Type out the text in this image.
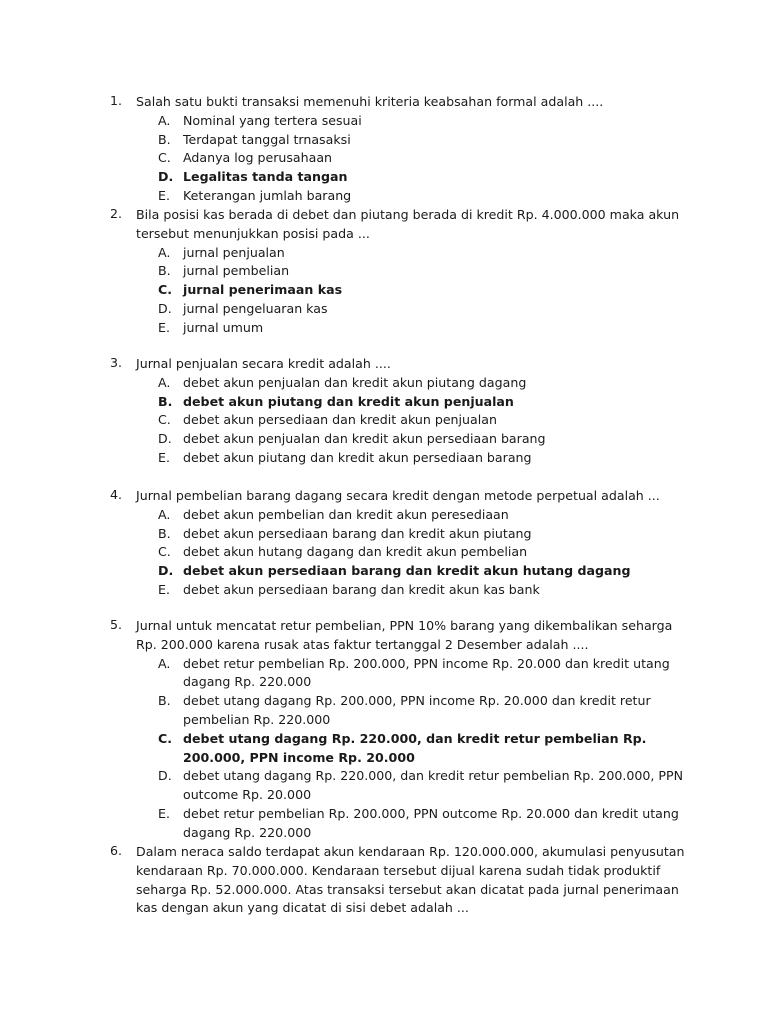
1.	Salah satu bukti transaksi memenuhi kriteria keabsahan formal adalah ....
A. Nominal yang tertera sesuai
B. Terdapat tanggal trnasaksi
C. Adanya log perusahaan
D. Legalitas tanda tangan
E. Keterangan jumlah barang
2.	Bila posisi kas berada di debet dan piutang berada di kredit Rp. 4.000.000 maka akun tersebut menunjukkan posisi pada ...
A. jurnal penjualan
B. jurnal pembelian
C. jurnal penerimaan kas
D. jurnal pengeluaran kas
E. jurnal umum
3.	Jurnal penjualan secara kredit adalah ....
A. debet akun penjualan dan kredit akun piutang dagang
B. debet akun piutang dan kredit akun penjualan
C. debet akun persediaan dan kredit akun penjualan
D. debet akun penjualan dan kredit akun persediaan barang
E. debet akun piutang dan kredit akun persediaan barang
4.	Jurnal pembelian barang dagang secara kredit dengan metode perpetual adalah ...
A. debet akun pembelian dan kredit akun peresediaan
B. debet akun persediaan barang dan kredit akun piutang
C. debet akun hutang dagang dan kredit akun pembelian
D. debet akun persediaan barang dan kredit akun hutang dagang
E. debet akun persediaan barang dan kredit akun kas bank
5.	Jurnal untuk mencatat retur pembelian, PPN 10% barang yang dikembalikan seharga Rp. 200.000 karena rusak atas faktur tertanggal 2 Desember adalah ....
A. debet retur pembelian Rp. 200.000, PPN income Rp. 20.000 dan kredit utang dagang Rp. 220.000
B. debet utang dagang Rp. 200.000, PPN income Rp. 20.000 dan kredit retur pembelian Rp. 220.000
C. debet utang dagang Rp. 220.000, dan kredit retur pembelian Rp. 200.000, PPN income Rp. 20.000
D. debet utang dagang Rp. 220.000, dan kredit retur pembelian Rp. 200.000, PPN outcome Rp. 20.000
E. debet retur pembelian Rp. 200.000, PPN outcome Rp. 20.000 dan kredit utang dagang Rp. 220.000
6.	Dalam neraca saldo terdapat akun kendaraan Rp. 120.000.000, akumulasi penyusutan kendaraan Rp. 70.000.000. Kendaraan tersebut dijual karena sudah tidak produktif seharga Rp. 52.000.000. Atas transaksi tersebut akan dicatat pada jurnal penerimaan kas dengan akun yang dicatat di sisi debet adalah ...
